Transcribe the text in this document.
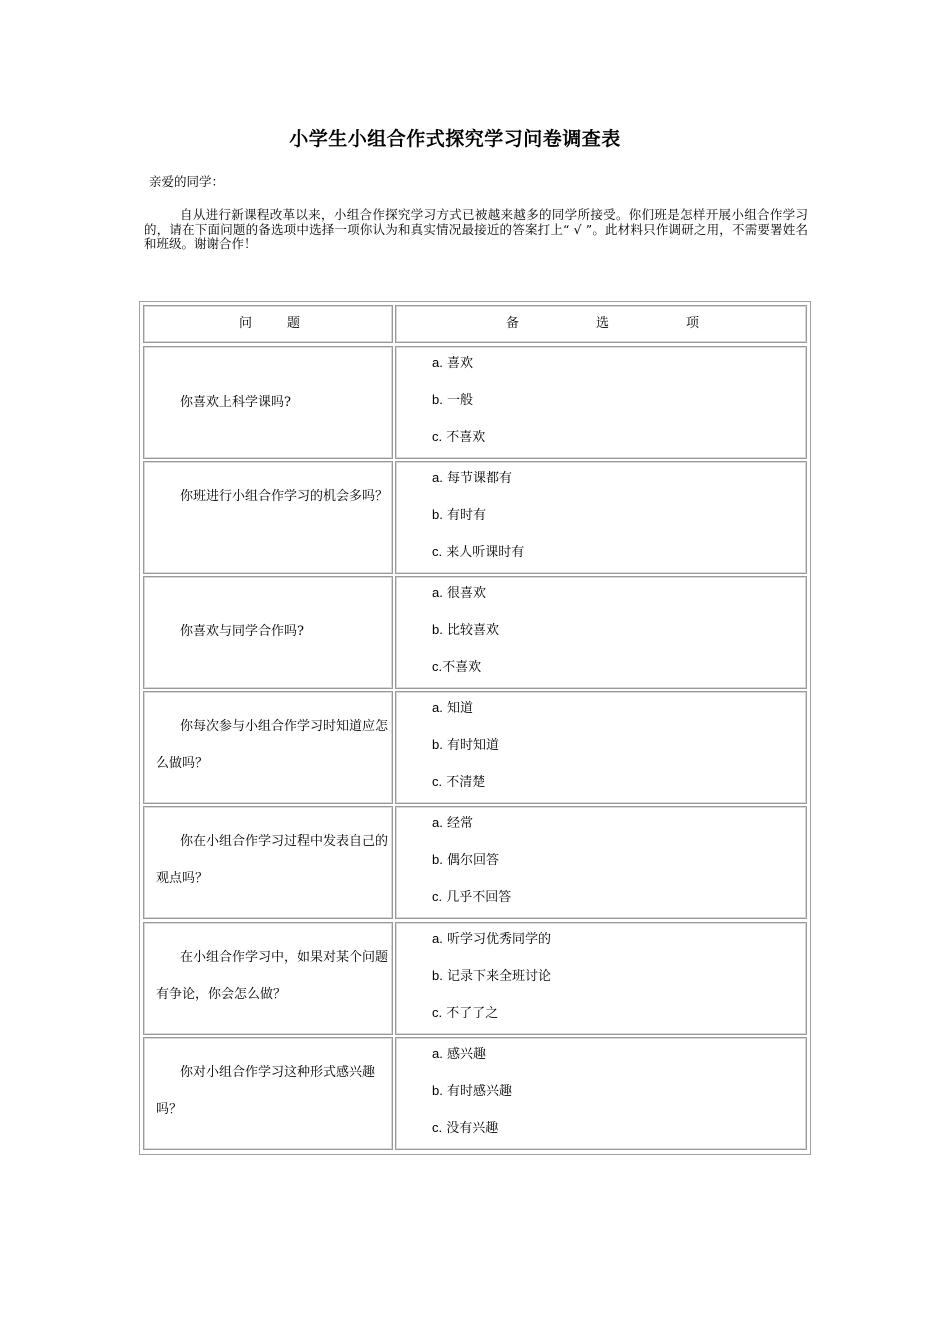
小学生小组合作式探究学习问卷调查表
亲爱的同学：
自从进行新课程改革以来，小组合作探究学习方式已被越来越多的同学所接受。你们班是怎样开展小组合作学习的，请在下面问题的备选项中选择一项你认为和真实情况最接近的答案打上“ √ ”。此材料只作调研之用，不需要署姓名和班级。谢谢合作！
问	题	备	选	项
你喜欢上科学课吗?
a. 喜欢
b. 一般
c. 不喜欢
你班进行小组合作学习的机会多吗？
a. 每节课都有
b. 有时有
c. 来人听课时有
你喜欢与同学合作吗?
a. 很喜欢
b. 比较喜欢
c.不喜欢
你每次参与小组合作学习时知道应怎么做吗？
a. 知道
b. 有时知道
c. 不清楚
你在小组合作学习过程中发表自己的观点吗？
a. 经常
b. 偶尔回答
c. 几乎不回答
在小组合作学习中，如果对某个问题有争论，你会怎么做？
a. 听学习优秀同学的
b. 记录下来全班讨论
c. 不了了之
你对小组合作学习这种形式感兴趣吗？
a. 感兴趣
b. 有时感兴趣
c. 没有兴趣
